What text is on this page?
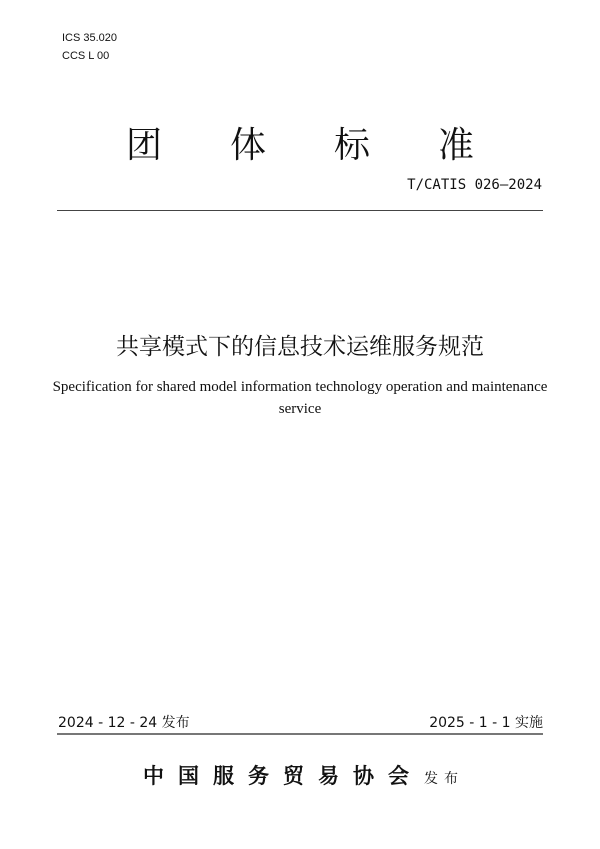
ICS 35.020
CCS L 00
团 体 标 准
T/CATIS 026—2024
共享模式下的信息技术运维服务规范
Specification for shared model information technology operation and maintenance service
2024 - 12 - 24 发布	2025 - 1 - 1 实施
中 国 服 务 贸 易 协 会 发布
